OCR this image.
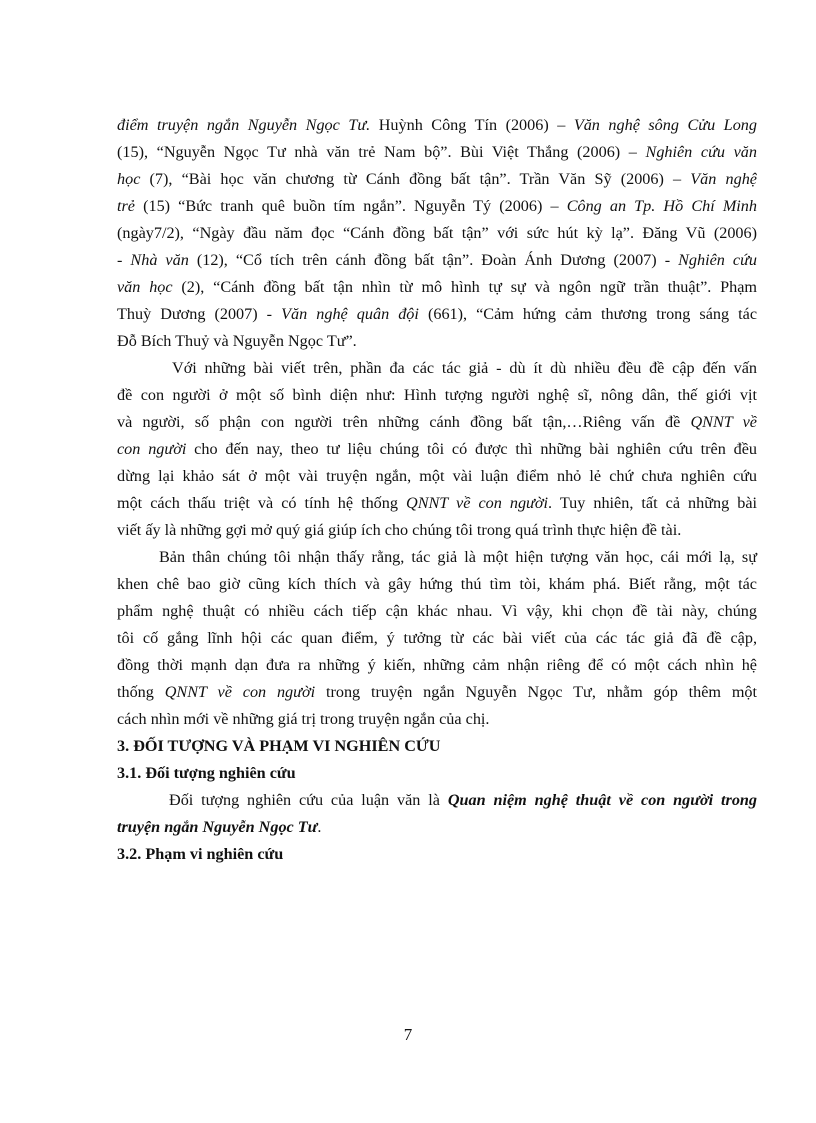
điểm truyện ngắn Nguyễn Ngọc Tư. Huỳnh Công Tín (2006) – Văn nghệ sông Cửu Long
(15), “Nguyễn Ngọc Tư nhà văn trẻ Nam bộ”. Bùi Việt Thắng (2006) – Nghiên cứu văn
học (7), “Bài học văn chương từ Cánh đồng bất tận”. Trần Văn Sỹ (2006) – Văn nghệ
trẻ (15) “Bức tranh quê buồn tím ngắn”. Nguyễn Tý (2006) – Công an Tp. Hồ Chí Minh
(ngày7/2), “Ngày đầu năm đọc “Cánh đồng bất tận” với sức hút kỳ lạ”. Đăng Vũ (2006)
- Nhà văn (12), “Cổ tích trên cánh đồng bất tận”. Đoàn Ánh Dương (2007) - Nghiên cứu
văn học (2), “Cánh đồng bất tận nhìn từ mô hình tự sự và ngôn ngữ trần thuật”. Phạm
Thuỳ Dương (2007) - Văn nghệ quân đội (661), “Cảm hứng cảm thương trong sáng tác
Đỗ Bích Thuỷ và Nguyễn Ngọc Tư”.
Với những bài viết trên, phần đa các tác giả - dù ít dù nhiều đều đề cập đến vấn
đề con người ở một số bình diện như: Hình tượng người nghệ sĩ, nông dân, thế giới vịt
và người, số phận con người trên những cánh đồng bất tận,…Riêng vấn đề QNNT về
con người cho đến nay, theo tư liệu chúng tôi có được thì những bài nghiên cứu trên đều
dừng lại khảo sát ở một vài truyện ngắn, một vài luận điểm nhỏ lẻ chứ chưa nghiên cứu
một cách thấu triệt và có tính hệ thống QNNT về con người. Tuy nhiên, tất cả những bài
viết ấy là những gợi mở quý giá giúp ích cho chúng tôi trong quá trình thực hiện đề tài.
Bản thân chúng tôi nhận thấy rằng, tác giả là một hiện tượng văn học, cái mới lạ, sự
khen chê bao giờ cũng kích thích và gây hứng thú tìm tòi, khám phá. Biết rằng, một tác
phẩm nghệ thuật có nhiều cách tiếp cận khác nhau. Vì vậy, khi chọn đề tài này, chúng
tôi cố gắng lĩnh hội các quan điểm, ý tưởng từ các bài viết của các tác giả đã đề cập,
đồng thời mạnh dạn đưa ra những ý kiến, những cảm nhận riêng để có một cách nhìn hệ
thống QNNT về con người trong truyện ngắn Nguyễn Ngọc Tư, nhằm góp thêm một
cách nhìn mới về những giá trị trong truyện ngắn của chị.
3. ĐỐI TƯỢNG VÀ PHẠM VI NGHIÊN CỨU
3.1. Đối tượng nghiên cứu
Đối tượng nghiên cứu của luận văn là Quan niệm nghệ thuật về con người trong
truyện ngắn Nguyễn Ngọc Tư.
3.2. Phạm vi nghiên cứu
7
